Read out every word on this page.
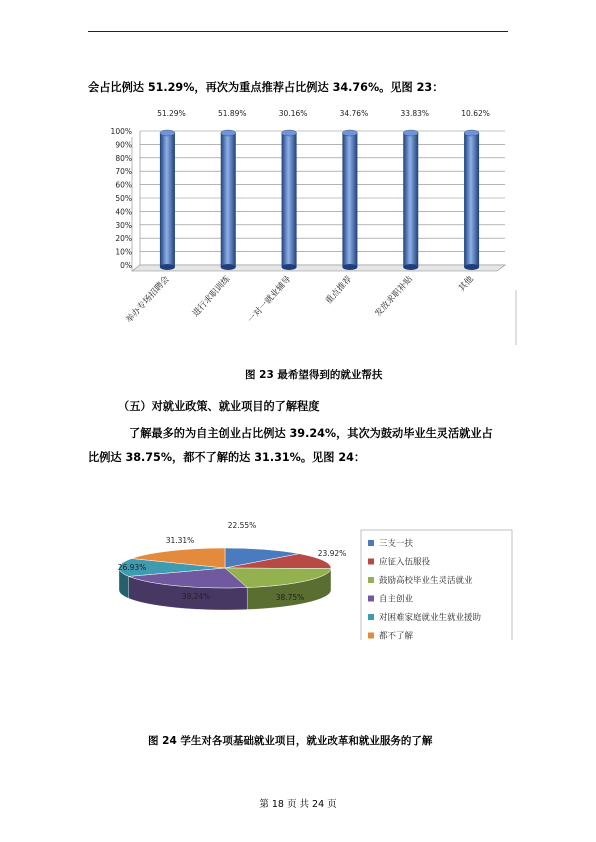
会占比例达 51.29%，再次为重点推荐占比例达 34.76%。见图 23：
0%
10%
20%
30%
40%
50%
60%
70%
80%
90%
100%
51.29%
举办专场招聘会
51.89%
进行求职训练
30.16%
一对一就业辅导
34.76%
重点推荐
33.83%
发放求职补贴
10.62%
其他
图 23 最希望得到的就业帮扶
（五）对就业政策、就业项目的了解程度
了解最多的为自主创业占比例达 39.24%，其次为鼓动毕业生灵活就业占
比例达 38.75%，都不了解的达 31.31%。见图 24：
22.55%
23.92%
38.75%
39.24%
26.93%
31.31%	三支一扶
应征入伍服役
鼓励高校毕业生灵活就业
自主创业
对困难家庭就业生就业援助
都不了解
图 24 学生对各项基础就业项目，就业改革和就业服务的了解
第 18 页 共 24 页
